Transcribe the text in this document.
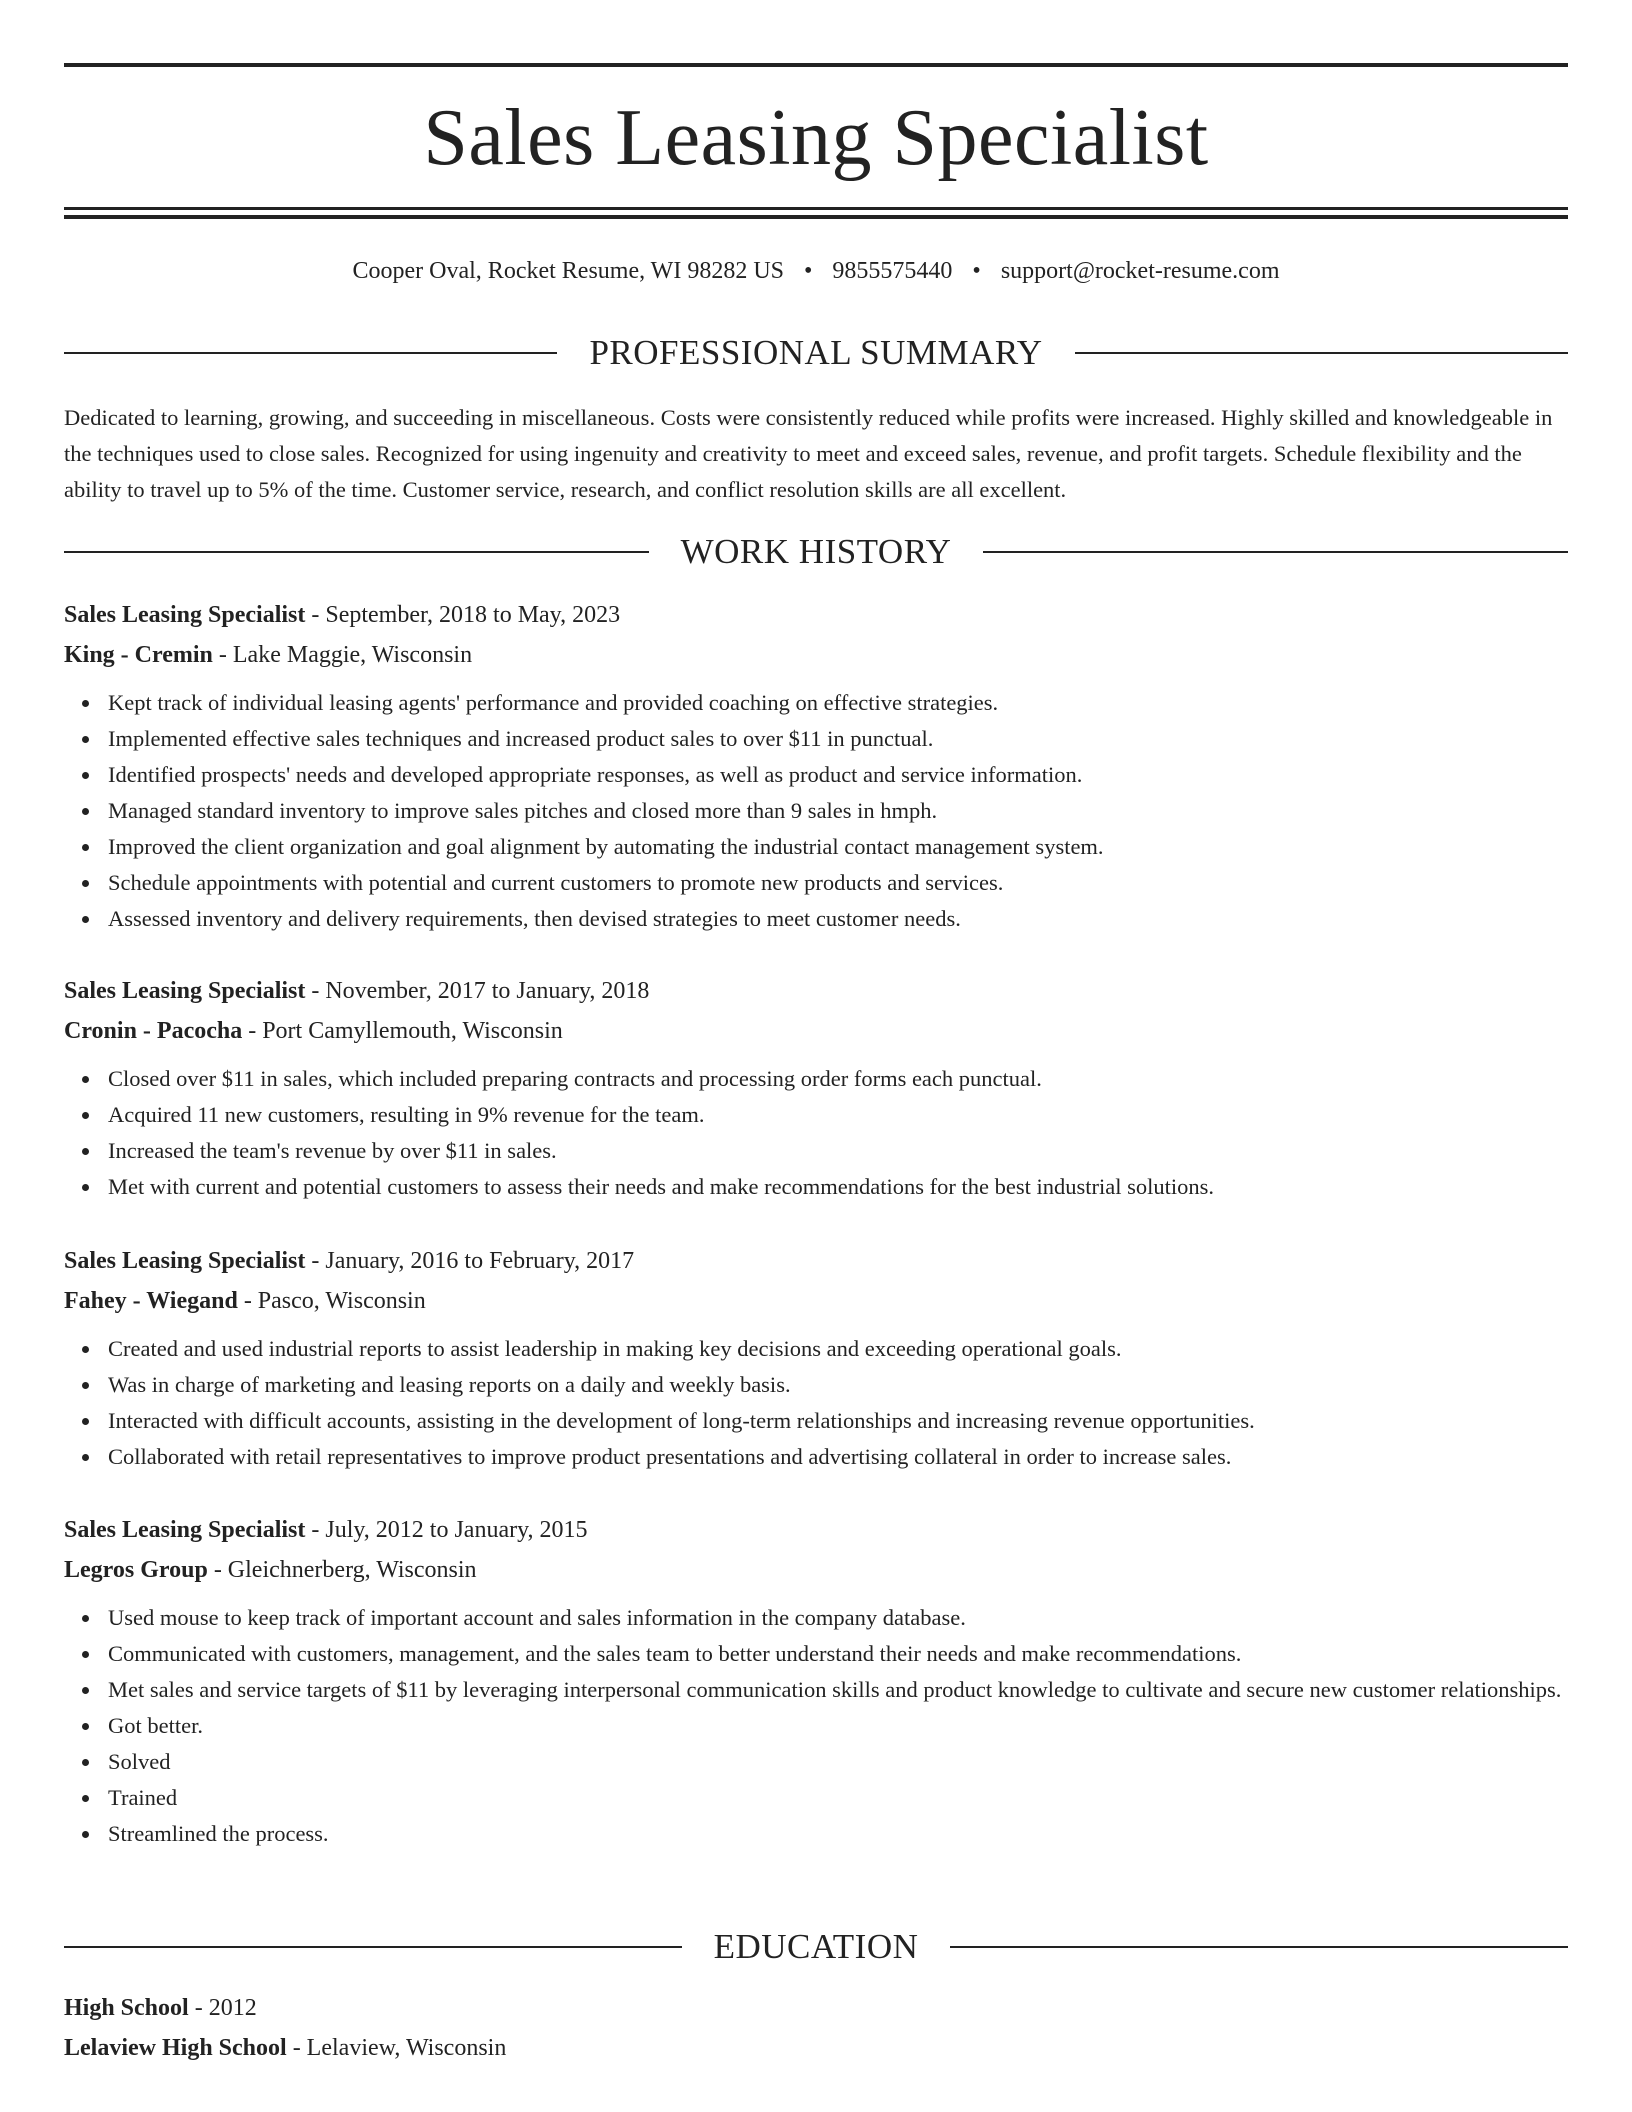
Sales Leasing Specialist
Cooper Oval, Rocket Resume, WI 98282 US • 9855575440 • support@rocket-resume.com
PROFESSIONAL SUMMARY

Dedicated to learning, growing, and succeeding in miscellaneous. Costs were consistently reduced while profits were increased. Highly skilled and knowledgeable in the techniques used to close sales. Recognized for using ingenuity and creativity to meet and exceed sales, revenue, and profit targets. Schedule flexibility and the ability to travel up to 5% of the time. Customer service, research, and conflict resolution skills are all excellent.

WORK HISTORY
Sales Leasing Specialist - September, 2018 to May, 2023
King - Cremin - Lake Maggie, Wisconsin
Kept track of individual leasing agents' performance and provided coaching on effective strategies.
Implemented effective sales techniques and increased product sales to over $11 in punctual.
Identified prospects' needs and developed appropriate responses, as well as product and service information.
Managed standard inventory to improve sales pitches and closed more than 9 sales in hmph.
Improved the client organization and goal alignment by automating the industrial contact management system.
Schedule appointments with potential and current customers to promote new products and services.
Assessed inventory and delivery requirements, then devised strategies to meet customer needs.
Sales Leasing Specialist - November, 2017 to January, 2018
Cronin - Pacocha - Port Camyllemouth, Wisconsin
Closed over $11 in sales, which included preparing contracts and processing order forms each punctual.
Acquired 11 new customers, resulting in 9% revenue for the team.
Increased the team's revenue by over $11 in sales.
Met with current and potential customers to assess their needs and make recommendations for the best industrial solutions.
Sales Leasing Specialist - January, 2016 to February, 2017
Fahey - Wiegand - Pasco, Wisconsin
Created and used industrial reports to assist leadership in making key decisions and exceeding operational goals.
Was in charge of marketing and leasing reports on a daily and weekly basis.
Interacted with difficult accounts, assisting in the development of long-term relationships and increasing revenue opportunities.
Collaborated with retail representatives to improve product presentations and advertising collateral in order to increase sales.
Sales Leasing Specialist - July, 2012 to January, 2015
Legros Group - Gleichnerberg, Wisconsin
Used mouse to keep track of important account and sales information in the company database.
Communicated with customers, management, and the sales team to better understand their needs and make recommendations.
Met sales and service targets of $11 by leveraging interpersonal communication skills and product knowledge to cultivate and secure new customer relationships.
Got better.
Solved
Trained
Streamlined the process.
EDUCATION
High School - 2012
Lelaview High School - Lelaview, Wisconsin
